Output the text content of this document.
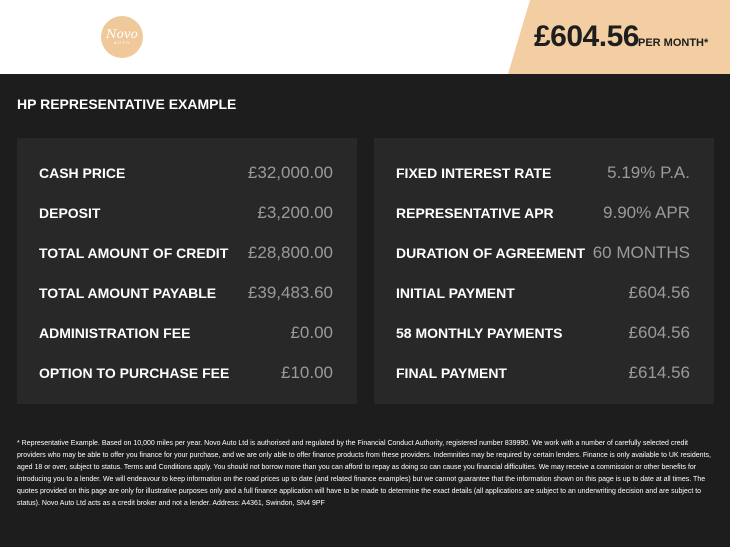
Novo
AUTO	£604.56 PER MONTH*
HP REPRESENTATIVE EXAMPLE
CASH PRICE	£32,000.00
DEPOSIT	£3,200.00
TOTAL AMOUNT OF CREDIT £28,800.00
TOTAL AMOUNT PAYABLE £39,483.60
ADMINISTRATION FEE	£0.00
OPTION TO PURCHASE FEE	£10.00
FIXED INTEREST RATE	5.19% P.A.
REPRESENTATIVE APR	9.90% APR
DURATION OF AGREEMENT 60 MONTHS
INITIAL PAYMENT	£604.56
58 MONTHLY PAYMENTS	£604.56
FINAL PAYMENT	£614.56
* Representative Example. Based on 10,000 miles per year. Novo Auto Ltd is authorised and regulated by the Financial Conduct Authority, registered number 839990. We work with a number of carefully selected credit providers who may be able to offer you finance for your purchase, and we are only able to offer finance products from these providers. Indemnities may be required by certain lenders. Finance is only available to UK residents, aged 18 or over, subject to status. Terms and Conditions apply. You should not borrow more than you can afford to repay as doing so can cause you financial difficulties. We may receive a commission or other benefits for introducing you to a lender. We will endeavour to keep information on the road prices up to date (and related finance examples) but we cannot guarantee that the information shown on this page is up to date at all times. The quotes provided on this page are only for illustrative purposes only and a full finance application will have to be made to determine the exact details (all applications are subject to an underwriting decision and are subject to status). Novo Auto Ltd acts as a credit broker and not a lender. Address: A4361, Swindon, SN4 9PF
